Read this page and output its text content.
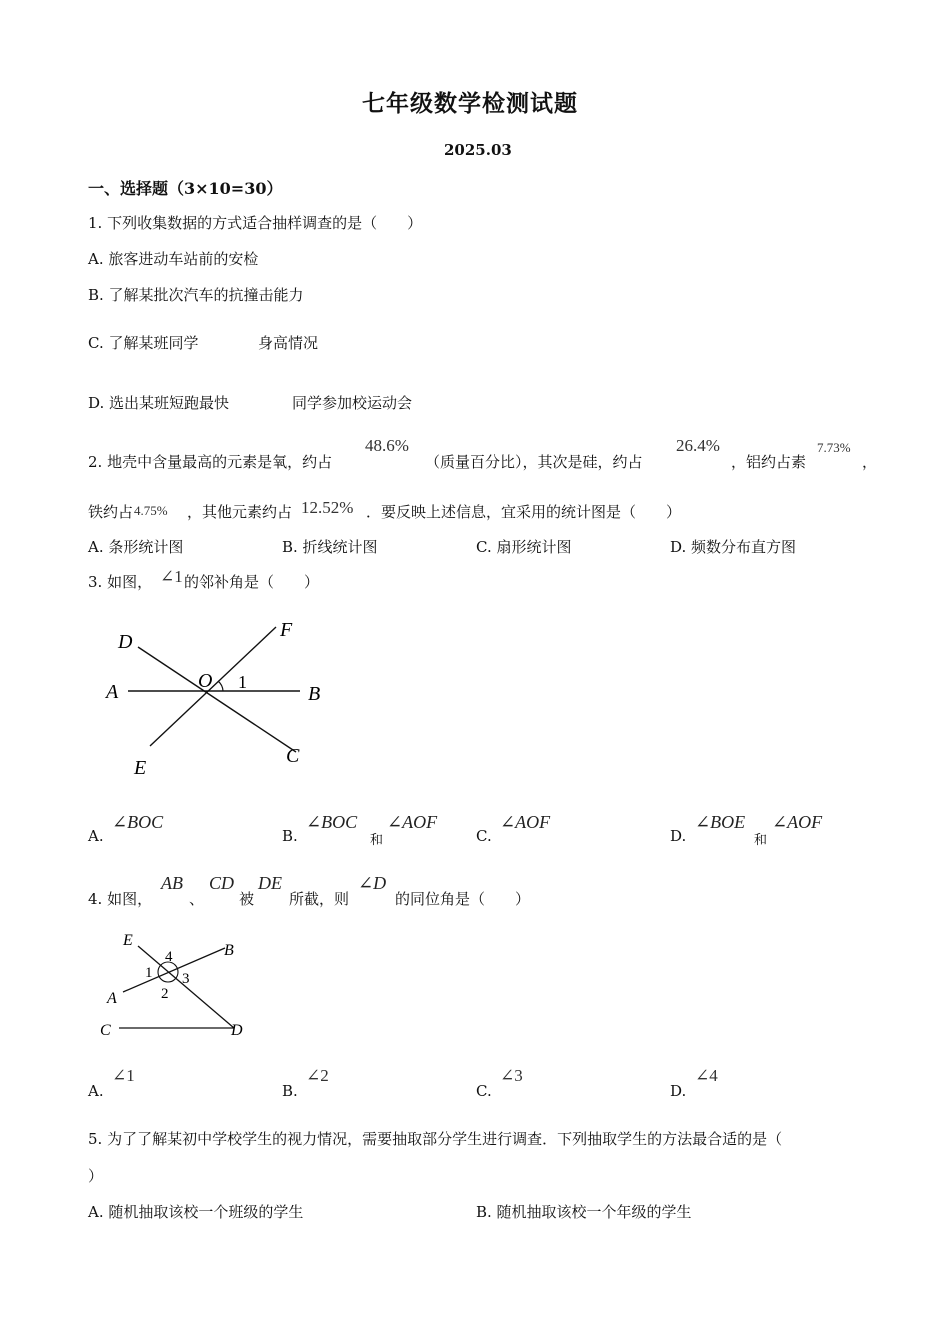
七年级数学检测试题
2025.03
一、选择题（3×10=30）
1. 下列收集数据的方式适合抽样调查的是（　　）
A. 旅客进动车站前的安检
B. 了解某批次汽车的抗撞击能力
C. 了解某班同学	身高情况
D. 选出某班短跑最快	同学参加校运动会
2. 地壳中含量最高的元素是氧，约占
48.6%
（质量百分比），其次是硅，约占
26.4%
，铝约占素
7.73%
，
铁约占 4.75% ，其他元素约占 12.52% ．要反映上述信息，宜采用的统计图是（　　）
A. 条形统计图	B. 折线统计图	C. 扇形统计图	D. 频数分布直方图
3. 如图， ∠1 的邻补角是（　　）
D
F
O 1
A	B
E
C
A.
∠BOC
B.
∠BOC
和
∠AOF
C.
∠AOF
D.
∠BOE
和
∠AOF
4. 如图，
AB
、
CD
被
DE
所截，则
∠D
的同位角是（　　）
E
4	B
1 3
A	2
C	D
A.
∠1
B.
∠2
C.
∠3
D.
∠4
5. 为了了解某初中学校学生的视力情况，需要抽取部分学生进行调查．下列抽取学生的方法最合适的是（
）
A. 随机抽取该校一个班级的学生	B. 随机抽取该校一个年级的学生
